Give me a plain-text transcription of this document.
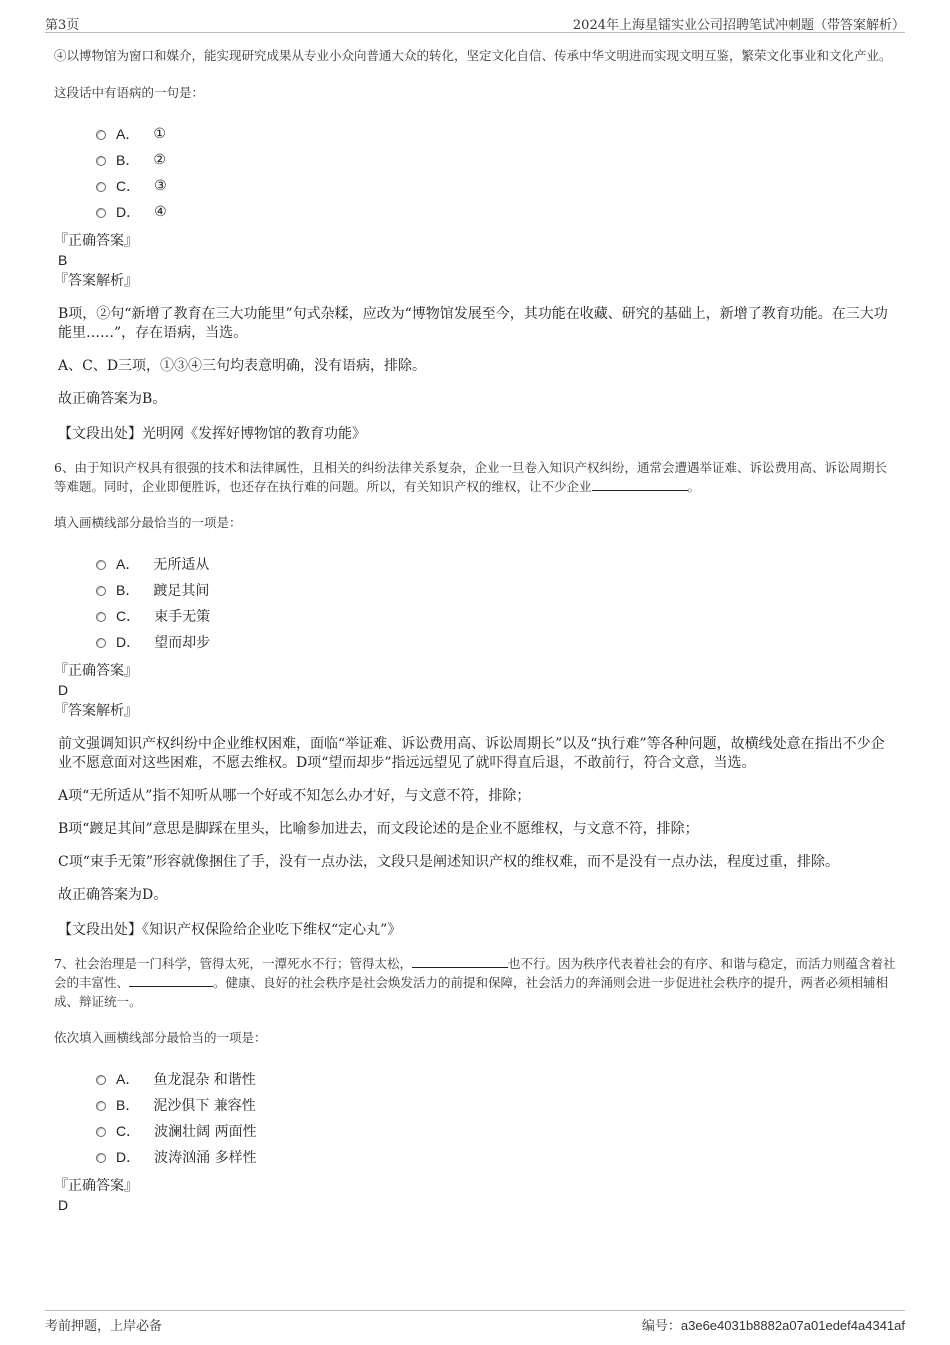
第3页	2024年上海星镭实业公司招聘笔试冲刺题（带答案解析）

④以博物馆为窗口和媒介，能实现研究成果从专业小众向普通大众的转化，坚定文化自信、传承中华文明进而实现文明互鉴，繁荣文化事业和文化产业。

这段话中有语病的一句是：

A． ①
B． ②
C． ③
D． ④

『正确答案』

B

『答案解析』

B项，②句“新增了教育在三大功能里”句式杂糅，应改为“博物馆发展至今，其功能在收藏、研究的基础上，新增了教育功能。在三大功能里……”，存在语病，当选。

A、C、D三项，①③④三句均表意明确，没有语病，排除。

故正确答案为B。

【文段出处】光明网《发挥好博物馆的教育功能》

6、由于知识产权具有很强的技术和法律属性，且相关的纠纷法律关系复杂，企业一旦卷入知识产权纠纷，通常会遭遇举证难、诉讼费用高、诉讼周期长等难题。同时，企业即便胜诉，也还存在执行难的问题。所以，有关知识产权的维权，让不少企业	。

填入画横线部分最恰当的一项是：

A． 无所适从
B． 踱足其间
C． 束手无策
D． 望而却步

『正确答案』

D

『答案解析』

前文强调知识产权纠纷中企业维权困难，面临“举证难、诉讼费用高、诉讼周期长”以及“执行难”等各种问题，故横线处意在指出不少企业不愿意面对这些困难，不愿去维权。D项“望而却步”指远远望见了就吓得直后退，不敢前行，符合文意，当选。

A项“无所适从”指不知听从哪一个好或不知怎么办才好，与文意不符，排除；

B项“踱足其间”意思是脚踩在里头，比喻参加进去，而文段论述的是企业不愿维权，与文意不符，排除；

C项“束手无策”形容就像捆住了手，没有一点办法，文段只是阐述知识产权的维权难，而不是没有一点办法，程度过重，排除。

故正确答案为D。

【文段出处】《知识产权保险给企业吃下维权“定心丸”》

7、社会治理是一门科学，管得太死，一潭死水不行；管得太松，	也不行。因为秩序代表着社会的有序、和谐与稳定，而活力则蕴含着社会的丰富性、	。健康、良好的社会秩序是社会焕发活力的前提和保障，社会活力的奔涌则会进一步促进社会秩序的提升，两者必须相辅相成、辩证统一。

依次填入画横线部分最恰当的一项是：

A． 鱼龙混杂 和谐性
B． 泥沙俱下 兼容性
C． 波澜壮阔 两面性
D． 波涛汹涌 多样性

『正确答案』

D

考前押题，上岸必备	编号：a3e6e4031b8882a07a01edef4a4341af
